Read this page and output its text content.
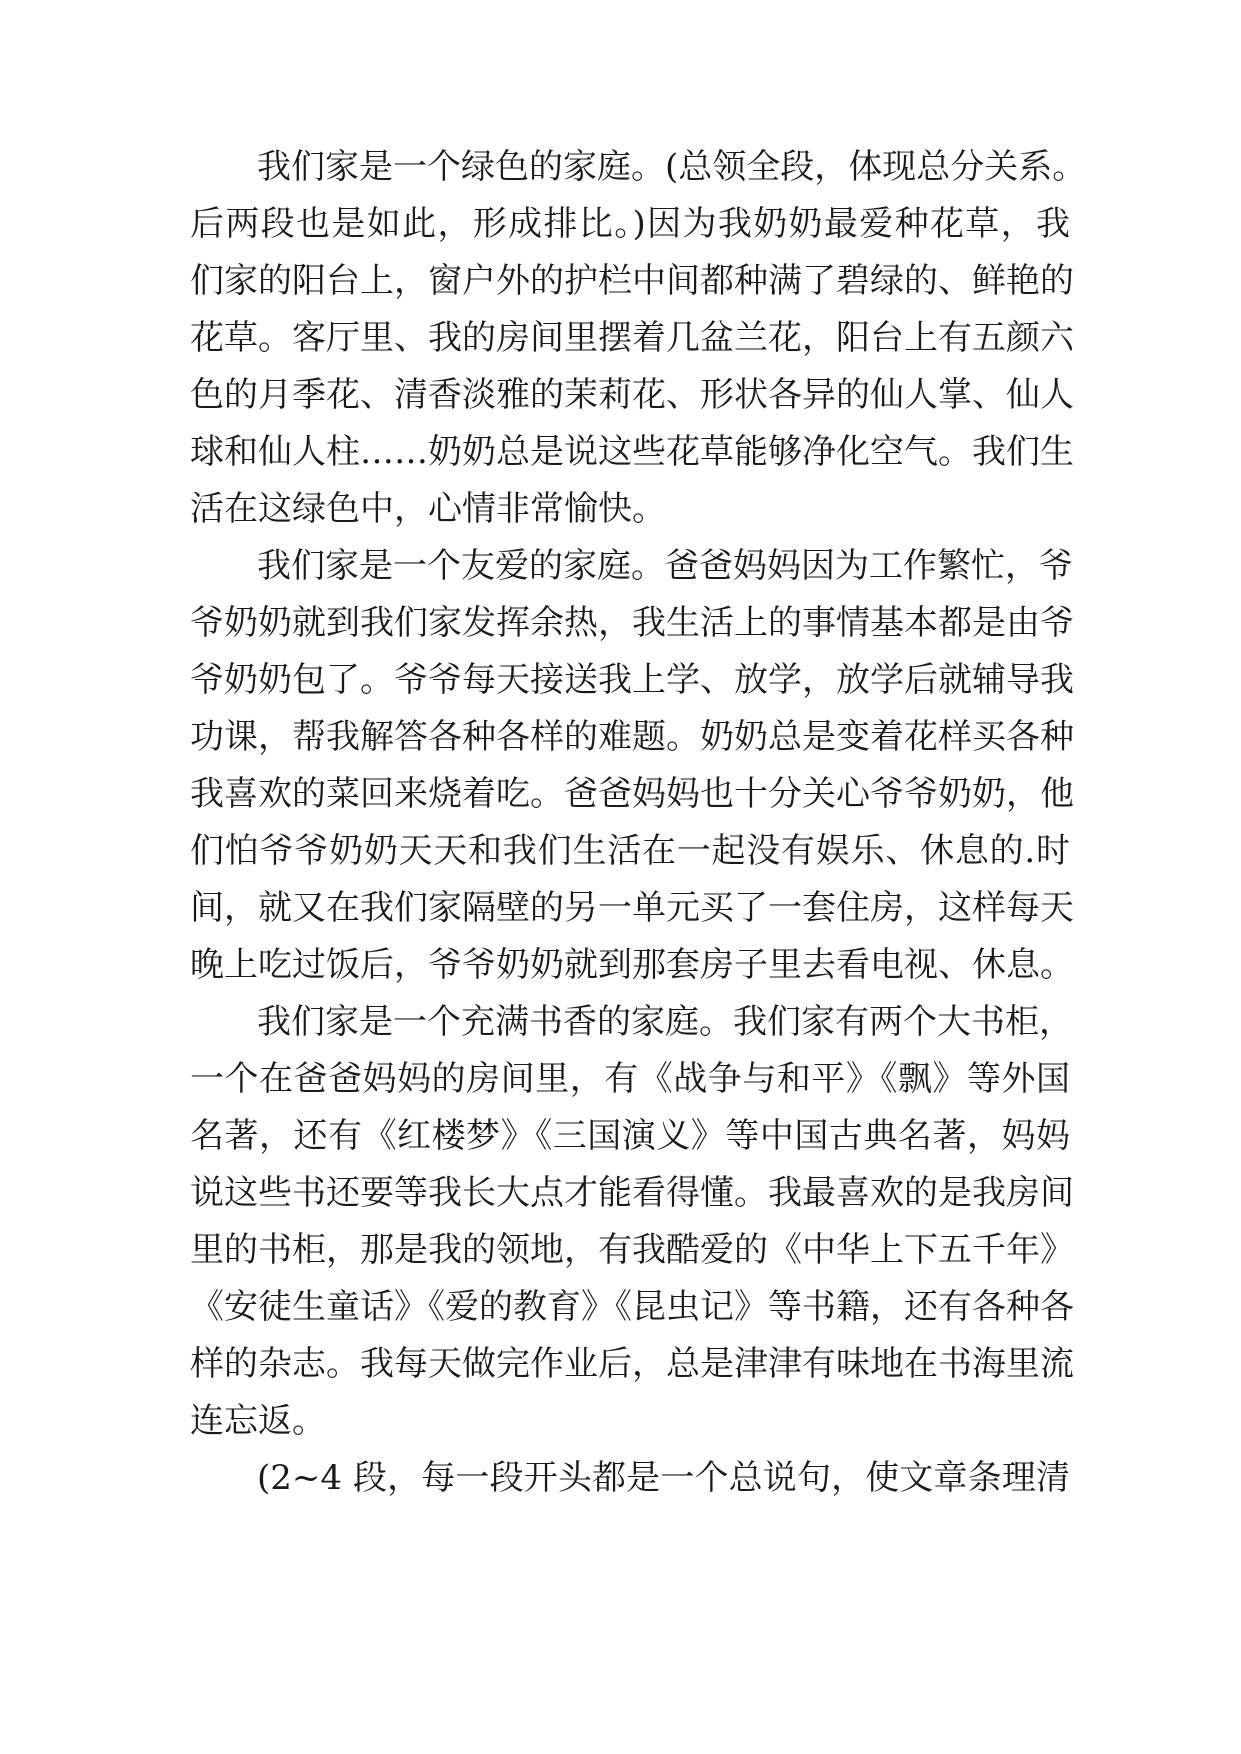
我们家是一个绿色的家庭。(总领全段，体现总分关系。
后两段也是如此，形成排比。)因为我奶奶最爱种花草，我
们家的阳台上，窗户外的护栏中间都种满了碧绿的、鲜艳的
花草。客厅里、我的房间里摆着几盆兰花，阳台上有五颜六
色的月季花、清香淡雅的茉莉花、形状各异的仙人掌、仙人
球和仙人柱……奶奶总是说这些花草能够净化空气。我们生
活在这绿色中，心情非常愉快。
我们家是一个友爱的家庭。爸爸妈妈因为工作繁忙，爷
爷奶奶就到我们家发挥余热，我生活上的事情基本都是由爷
爷奶奶包了。爷爷每天接送我上学、放学，放学后就辅导我
功课，帮我解答各种各样的难题。奶奶总是变着花样买各种
我喜欢的菜回来烧着吃。爸爸妈妈也十分关心爷爷奶奶，他
们怕爷爷奶奶天天和我们生活在一起没有娱乐、休息的.时
间，就又在我们家隔壁的另一单元买了一套住房，这样每天
晚上吃过饭后，爷爷奶奶就到那套房子里去看电视、休息。
我们家是一个充满书香的家庭。我们家有两个大书柜，
一个在爸爸妈妈的房间里，有《战争与和平》《飘》等外国
名著，还有《红楼梦》《三国演义》等中国古典名著，妈妈
说这些书还要等我长大点才能看得懂。我最喜欢的是我房间
里的书柜，那是我的领地，有我酷爱的《中华上下五千年》
《安徒生童话》《爱的教育》《昆虫记》等书籍，还有各种各
样的杂志。我每天做完作业后，总是津津有味地在书海里流
连忘返。
(2~4 段，每一段开头都是一个总说句，使文章条理清
